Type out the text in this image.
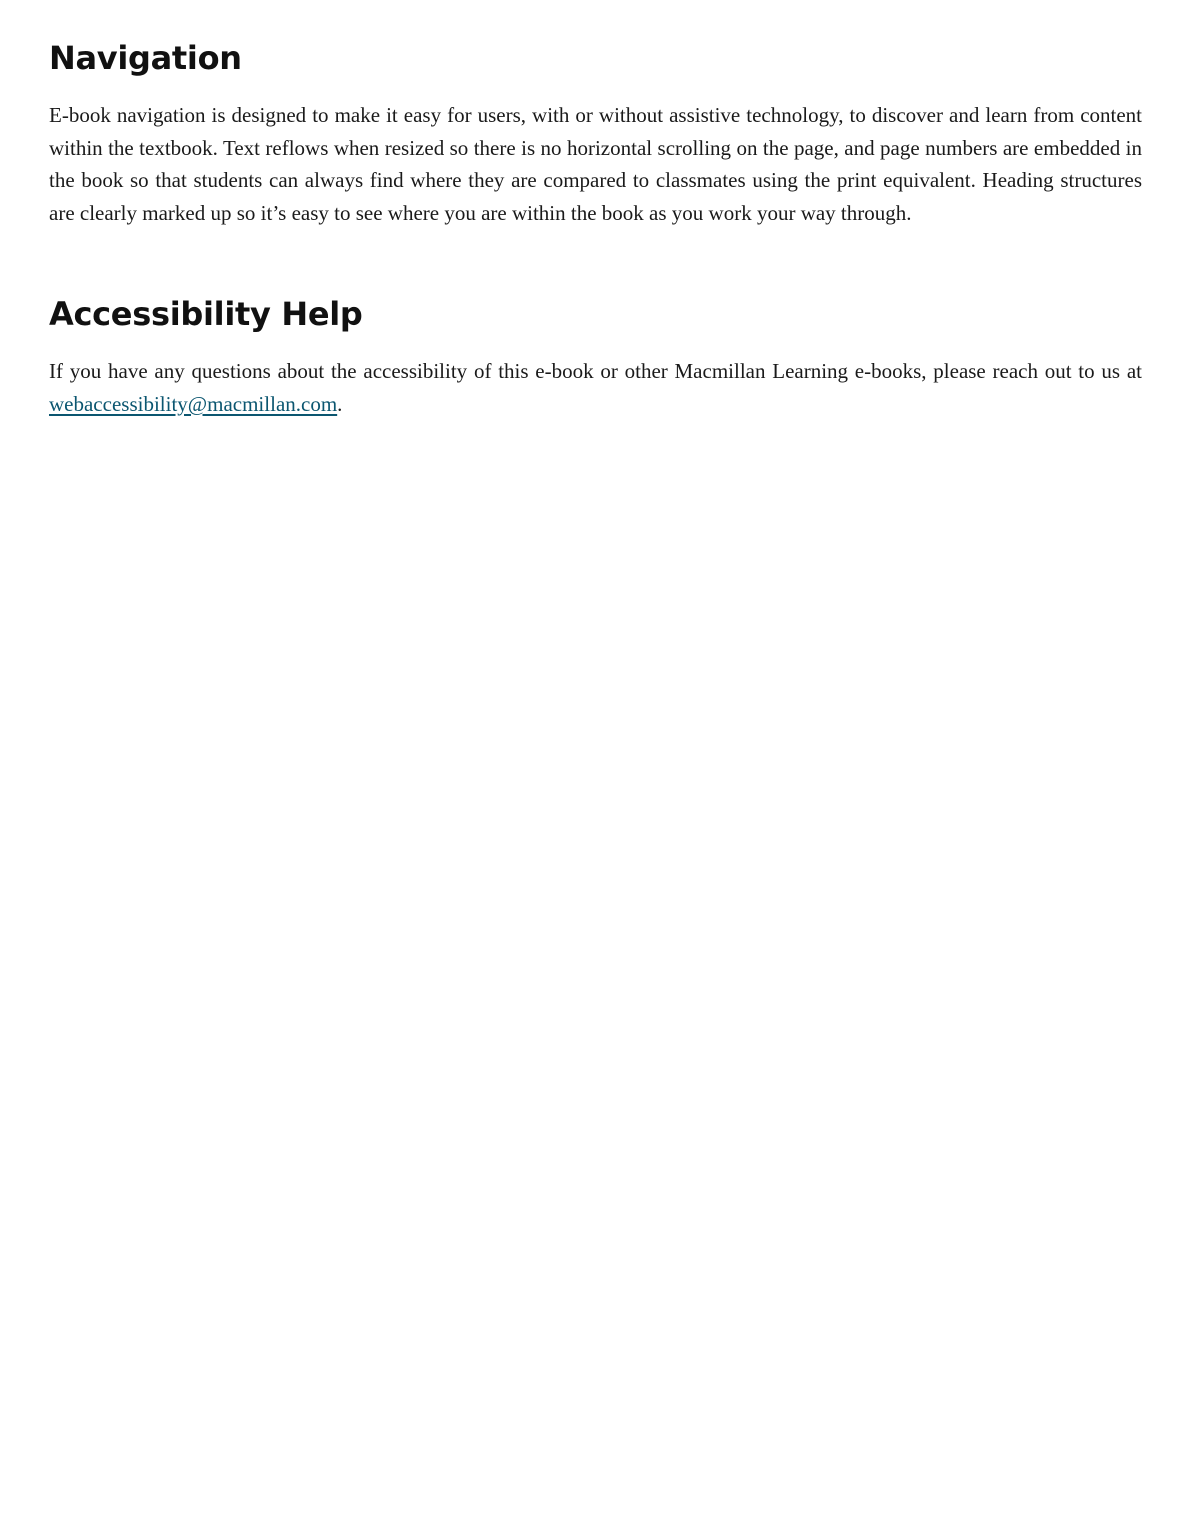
Navigation

E-book navigation is designed to make it easy for users, with or without assistive technology, to discover and learn from content within the textbook. Text reflows when resized so there is no horizontal scrolling on the page, and page numbers are embedded in the book so that students can always find where they are compared to classmates using the print equivalent. Heading structures are clearly marked up so it’s easy to see where you are within the book as you work your way through.

Accessibility Help

If you have any questions about the accessibility of this e-book or other Macmillan Learning e-books, please reach out to us at webaccessibility@macmillan.com.
